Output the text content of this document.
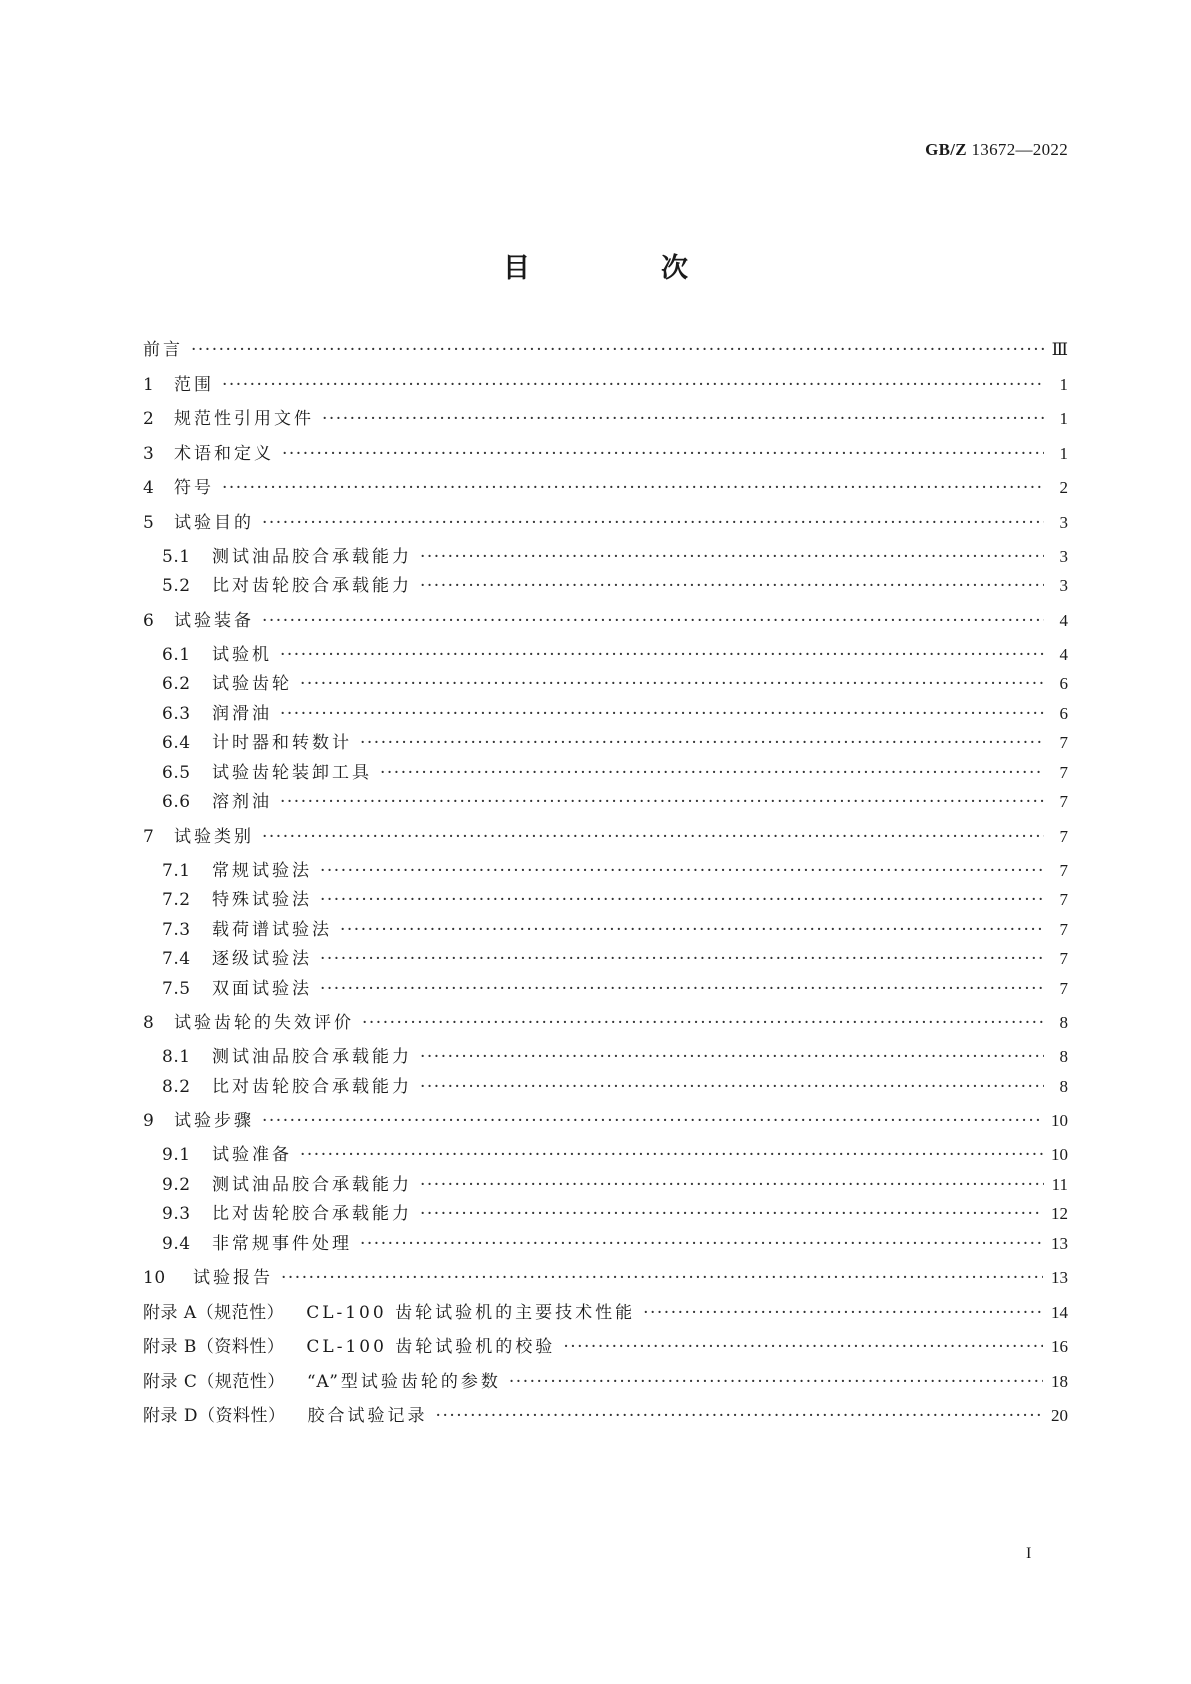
GB/Z 13672—2022
目　次
前言 ·····	Ⅲ
1	范围 ·····	1
2	规范性引用文件 ·····	1
3	术语和定义 ·····	1
4	符号 ·····	2
5	试验目的 ·····	3
5.1	测试油品胶合承载能力 ·····	3
5.2	比对齿轮胶合承载能力 ·····	3
6	试验装备 ·····	4
6.1	试验机 ·····	4
6.2	试验齿轮 ·····	6
6.3	润滑油 ·····	6
6.4	计时器和转数计 ·····	7
6.5	试验齿轮装卸工具 ·····	7
6.6	溶剂油 ·····	7
7	试验类别 ·····	7
7.1	常规试验法 ·····	7
7.2	特殊试验法 ·····	7
7.3	载荷谱试验法 ·····	7
7.4	逐级试验法 ·····	7
7.5	双面试验法 ·····	7
8	试验齿轮的失效评价 ·····	8
8.1	测试油品胶合承载能力 ·····	8
8.2	比对齿轮胶合承载能力 ·····	8
9	试验步骤 ·····	10
9.1	试验准备 ·····	10
9.2	测试油品胶合承载能力 ·····	11
9.3	比对齿轮胶合承载能力 ·····	12
9.4	非常规事件处理 ·····	13
10	试验报告 ·····	13
附录 A（规范性） CL-100 齿轮试验机的主要技术性能 ·····	14
附录 B（资料性） CL-100 齿轮试验机的校验 ·····	16
附录 C（规范性） “A”型试验齿轮的参数 ·····	18
附录 D（资料性） 胶合试验记录 ·····	20
I
